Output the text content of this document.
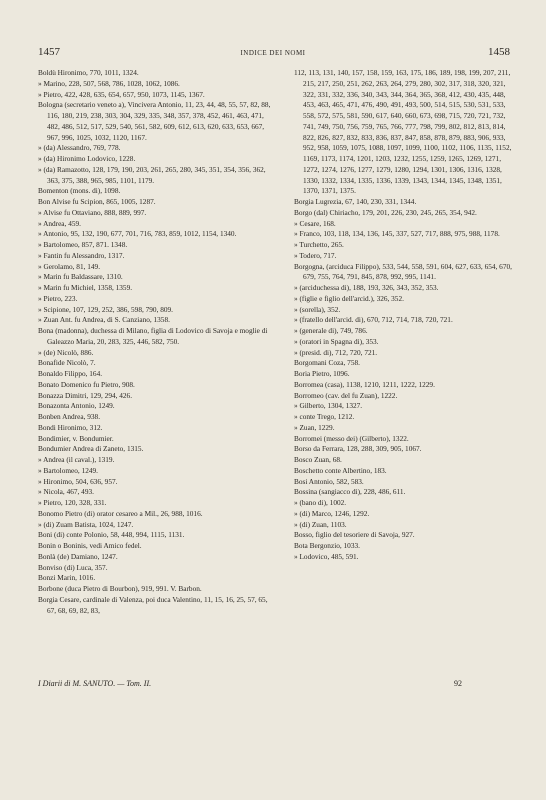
1457	INDICE DEI NOMI	1458
Boldù Hironimo, 770, 1011, 1324.
» Marino, 228, 507, 568, 786, 1028, 1062, 1086.
» Pietro, 422, 428, 635, 654, 657, 950, 1073, 1145, 1367.
Bologna (secretario veneto a), Vincivera Antonio, 11, 23, 44, 48, 55, 57, 82, 88, 116, 180, 219, 238, 303, 304, 329, 335, 348, 357, 378, 452, 461, 463, 471, 482, 486, 512, 517, 529, 540, 561, 582, 609, 612, 613, 620, 633, 653, 667, 967, 996, 1025, 1032, 1120, 1167.
» (da) Alessandro, 769, 778.
» (da) Hironimo Lodovico, 1228.
» (da) Ramazotto, 128, 179, 190, 203, 261, 265, 280, 345, 351, 354, 356, 362, 363, 375, 388, 965, 985, 1101, 1179.
Bomenton (mons. di), 1098.
Bon Alvise fu Scipion, 865, 1005, 1287.
» Alvise fu Ottaviano, 888, 889, 997.
» Andrea, 459.
» Antonio, 95, 132, 190, 677, 701, 716, 783, 859, 1012, 1154, 1340.
» Bartolomeo, 857, 871. 1348.
» Fantin fu Alessandro, 1317.
» Gerolamo, 81, 149.
» Marin fu Baldassare, 1310.
» Marin fu Michiel, 1358, 1359.
» Pietro, 223.
» Scipione, 107, 129, 252, 386, 598, 790, 809.
» Zuan Ant. fu Andrea, di S. Canziano, 1358.
Bona (madonna), duchessa di Milano, figlia di Lodovico di Savoja e moglie di Galeazzo Maria, 20, 283, 325, 446, 582, 750.
» (de) Nicolò, 886.
Bonafide Nicolò, 7.
Bonaldo Filippo, 164.
Bonato Domenico fu Pietro, 908.
Bonazza Dimitri, 129, 294, 426.
Bonazonta Antonio, 1249.
Bonben Andrea, 938.
Bondi Hironimo, 312.
Bondimier, v. Bondumier.
Bondumier Andrea di Zaneto, 1315.
» Andrea (il caval.), 1319.
» Bartolomeo, 1249.
» Hironimo, 504, 636, 957.
» Nicola, 467, 493.
» Pietro, 120, 328, 331.
Bonomo Pietro (di) orator cesareo a Mil., 26, 988, 1016.
» (di) Zuam Batista, 1024, 1247.
Boni (di) conte Polonio, 58, 448, 994, 1115, 1131.
Bonin o Boninis, vedi Amico fedel.
Bonlà (de) Damiano, 1247.
Bonviso (di) Luca, 357.
Bonzi Marin, 1016.
Borbone (duca Pietro di Bourbon), 919, 991. V. Barbon.
Borgia Cesare, cardinale di Valenza, poi duca Valentino, 11, 15, 16, 25, 57, 65, 67, 68, 69, 82, 83,
112, 113, 131, 140, 157, 158, 159, 163, 175, 186, 189, 198, 199, 207, 211, 215, 217, 250, 251, 262, 263, 264, 279, 280, 302, 317, 318, 320, 321, 322, 331, 332, 336, 340, 343, 344, 364, 365, 368, 412, 430, 435, 448, 453, 463, 465, 471, 476, 490, 491, 493, 500, 514, 515, 530, 531, 533, 558, 572, 575, 581, 590, 617, 640, 660, 673, 698, 715, 720, 721, 732, 741, 749, 750, 756, 759, 765, 766, 777, 798, 799, 802, 812, 813, 814, 822, 826, 827, 832, 833, 836, 837, 847, 858, 878, 879, 883, 906, 933, 952, 958, 1059, 1075, 1088, 1097, 1099, 1100, 1102, 1106, 1135, 1152, 1169, 1173, 1174, 1201, 1203, 1232, 1255, 1259, 1265, 1269, 1271, 1272, 1274, 1276, 1277, 1279, 1280, 1294, 1301, 1306, 1316, 1328, 1330, 1332, 1334, 1335, 1336, 1339, 1343, 1344, 1345, 1348, 1351, 1370, 1371, 1375.
Borgia Lugrezia, 67, 140, 230, 331, 1344.
Borgo (dal) Chiriacho, 179, 201, 226, 230, 245, 265, 354, 942.
» Cesare, 168.
» Franco, 103, 118, 134, 136, 145, 337, 527, 717, 888, 975, 988, 1178.
» Turchetto, 265.
» Todero, 717.
Borgogna, (arciduca Filippo), 533, 544, 558, 591, 604, 627, 633, 654, 670, 679, 755, 764, 791, 845, 878, 992, 995, 1141.
» (arciduchessa di), 188, 193, 326, 343, 352, 353.
» (figlie e figlio dell'arcid.), 326, 352.
» (sorella), 352.
» (fratello dell'arcid. di), 670, 712, 714, 718, 720, 721.
» (generale di), 749, 786.
» (oratori in Spagna di), 353.
» (presid. di), 712, 720, 721.
Borgomani Coza, 758.
Boria Pietro, 1096.
Borromea (casa), 1138, 1210, 1211, 1222, 1229.
Borromeo (cav. del fu Zuan), 1222.
» Gilberto, 1304, 1327.
» conte Trego, 1212.
» Zuan, 1229.
Borromei (messo dei) (Gilberto), 1322.
Borso da Ferrara, 128, 288, 309, 905, 1067.
Bosco Zuan, 68.
Boschetto conte Albertino, 183.
Bosi Antonio, 582, 583.
Bossina (sangiacco di), 228, 486, 611.
» (bano di), 1002.
» (di) Marco, 1246, 1292.
» (di) Zuan, 1103.
Bosso, figlio del tesoriere di Savoja, 927.
Bota Bergonzio, 1033.
» Lodovico, 485, 591.
I Diarii di M. SANUTO. — Tom. II.	92
